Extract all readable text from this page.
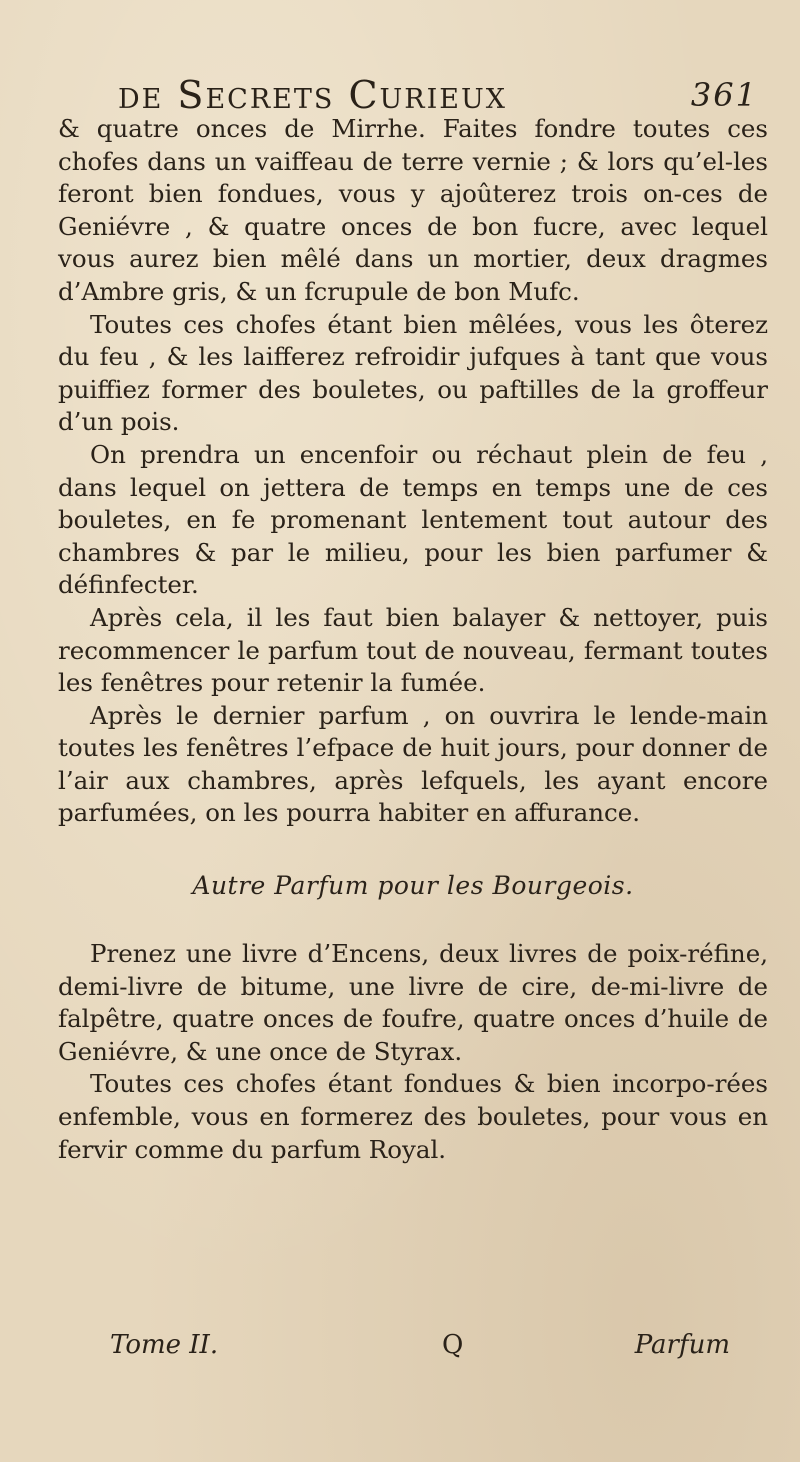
de Secrets Curieux	361

& quatre onces de Mirrhe. Faites fondre toutes ces chofes dans un vaiffeau de terre vernie ; & lors qu’el-les feront bien fondues, vous y ajoûterez trois on-ces de Geniévre , & quatre onces de bon fucre, avec lequel vous aurez bien mêlé dans un mortier, deux dragmes d’Ambre gris, & un fcrupule de bon Mufc.

Toutes ces chofes étant bien mêlées, vous les ôterez du feu , & les laifferez refroidir jufques à tant que vous puiffiez former des bouletes, ou paftilles de la groffeur d’un pois.

On prendra un encenfoir ou réchaut plein de feu , dans lequel on jettera de temps en temps une de ces bouletes, en fe promenant lentement tout autour des chambres & par le milieu, pour les bien parfumer & définfecter.

Après cela, il les faut bien balayer & nettoyer, puis recommencer le parfum tout de nouveau, fermant toutes les fenêtres pour retenir la fumée.

Après le dernier parfum , on ouvrira le lende-main toutes les fenêtres l’efpace de huit jours, pour donner de l’air aux chambres, après lefquels, les ayant encore parfumées, on les pourra habiter en affurance.

Autre Parfum pour les Bourgeois.

Prenez une livre d’Encens, deux livres de poix-réfine, demi-livre de bitume, une livre de cire, de-mi-livre de falpêtre, quatre onces de foufre, quatre onces d’huile de Geniévre, & une once de Styrax.

Toutes ces chofes étant fondues & bien incorpo-rées enfemble, vous en formerez des bouletes, pour vous en fervir comme du parfum Royal.

Tome II.	Q	Parfum
